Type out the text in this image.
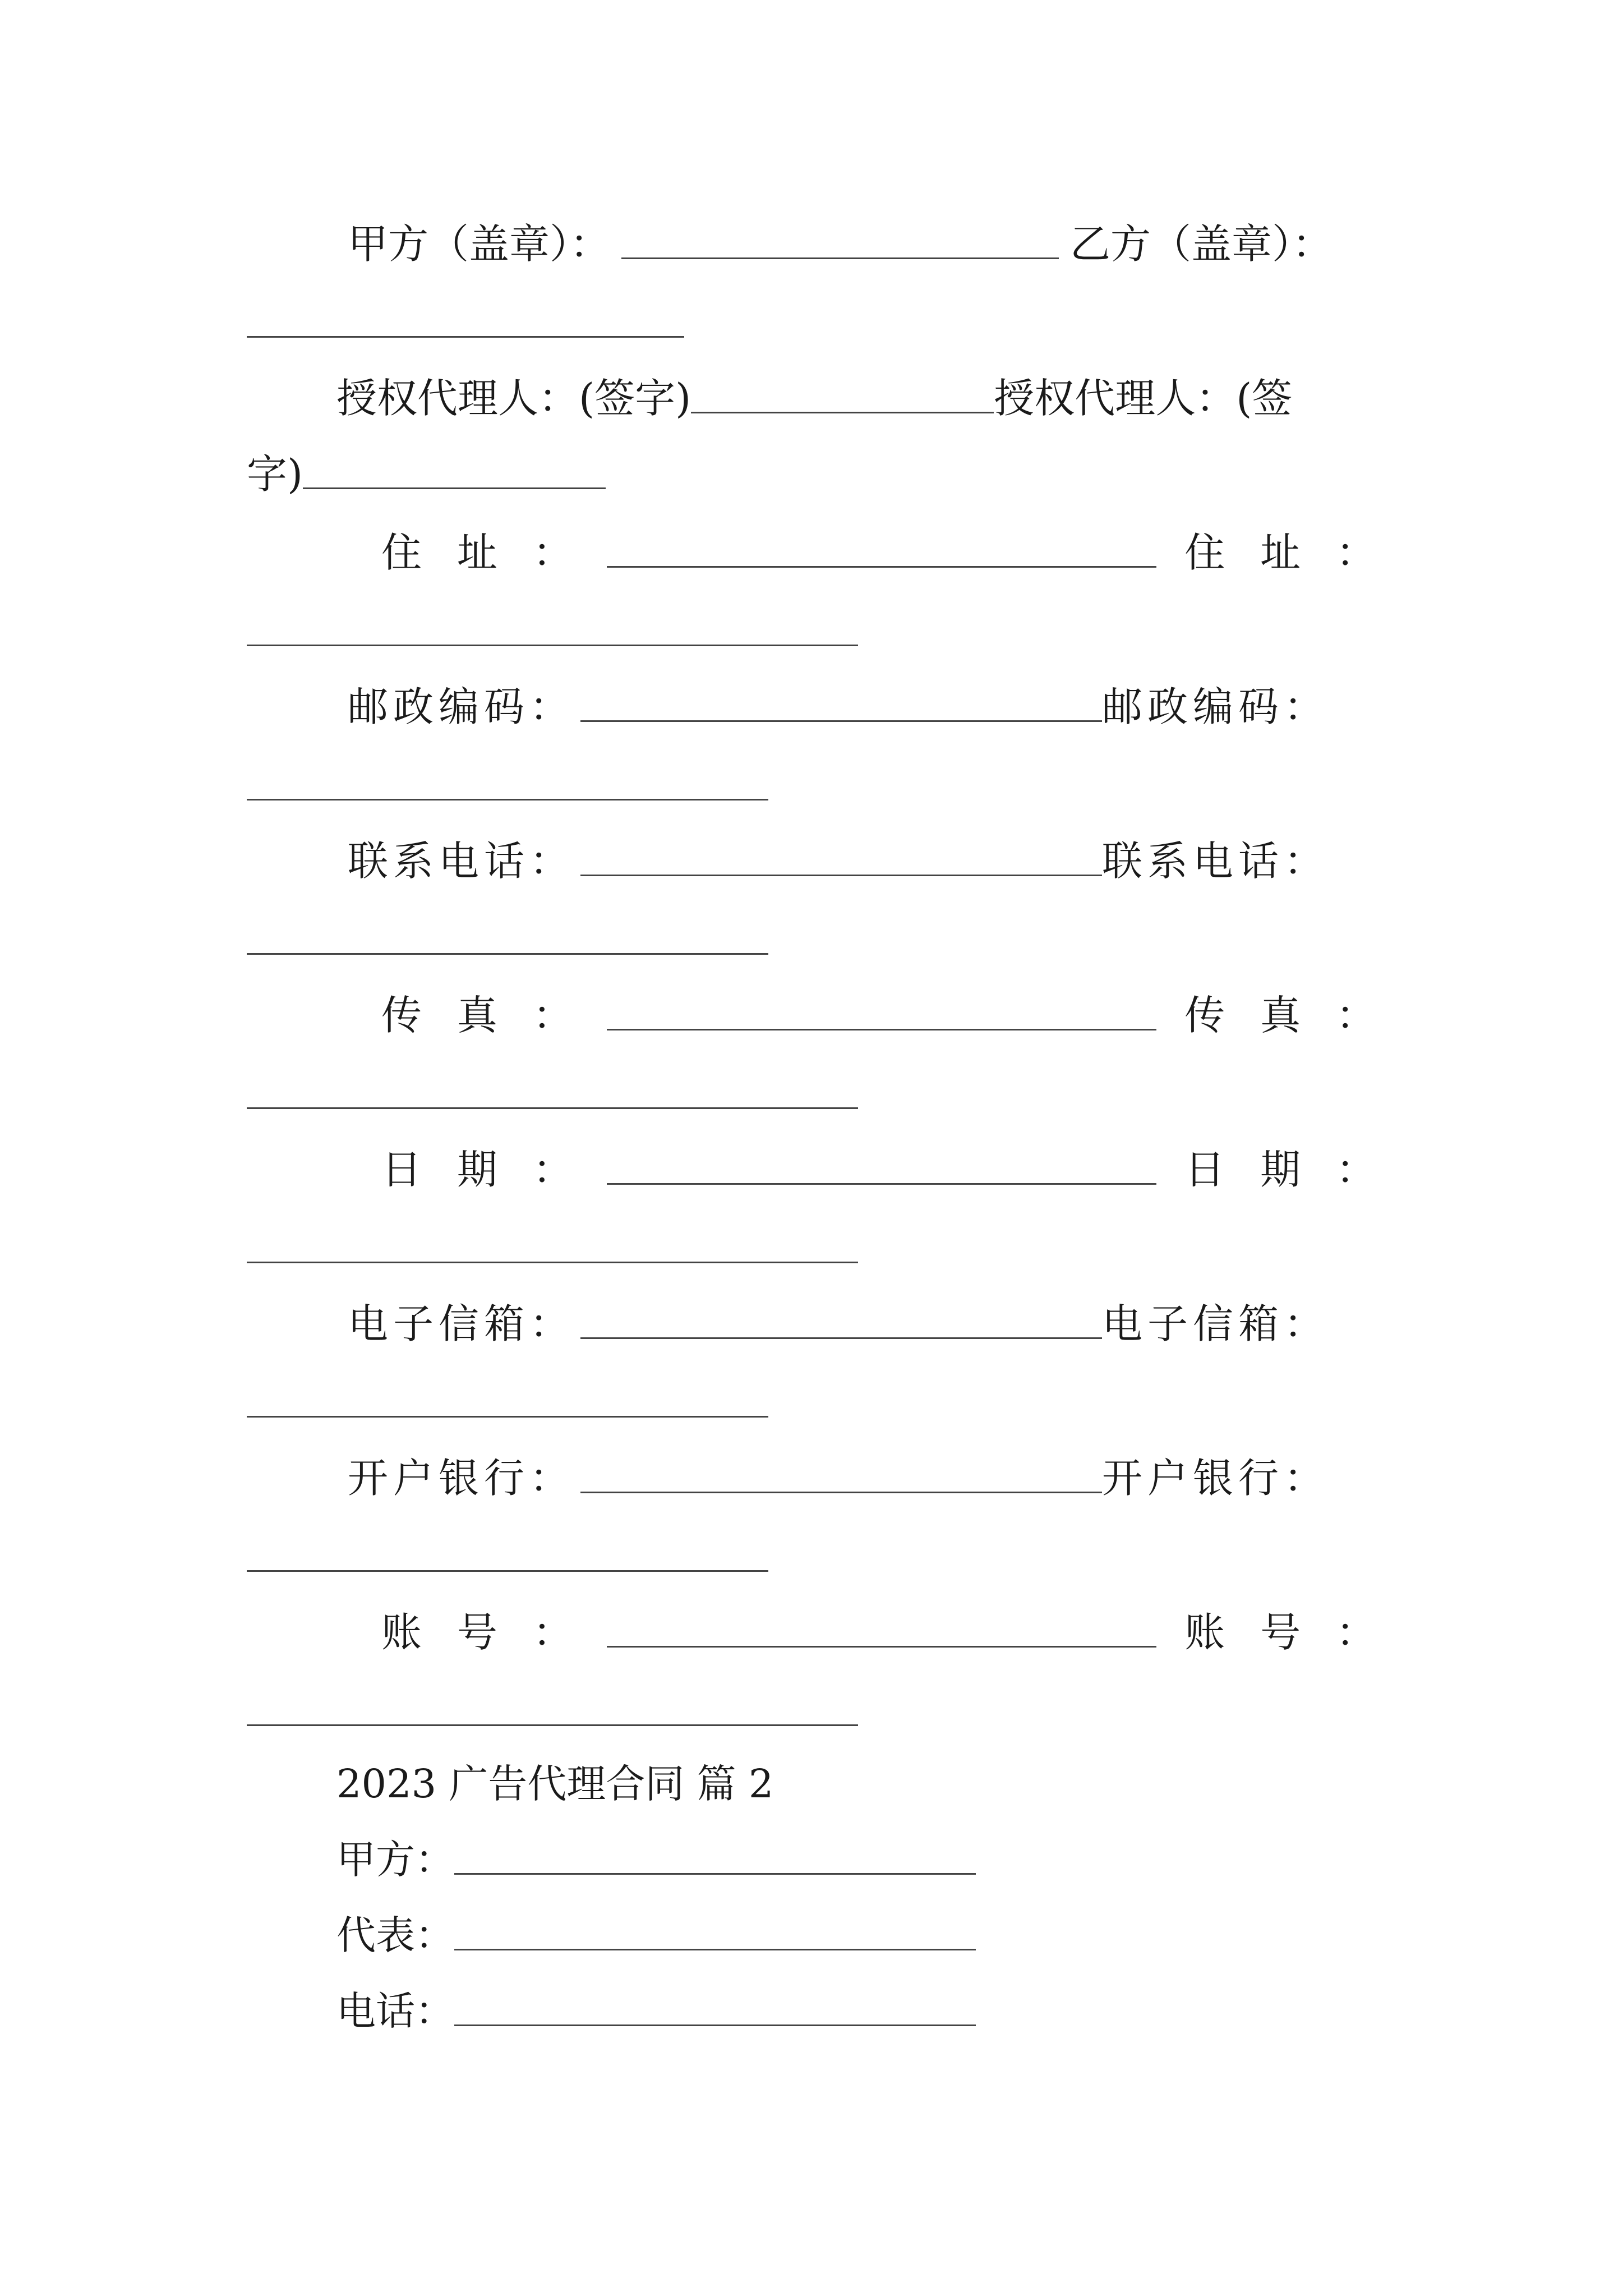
甲方（盖章）：	乙方（盖章）：
授权代理人：(签字)	授权代理人：(签
字)
住 址 ：	住 址 ：
邮政编码：	邮政编码：
联系电话：	联系电话：
传 真 ：	传 真 ：
日 期 ：	日 期 ：
电子信箱：	电子信箱：
开户银行：	开户银行：
账 号 ：	账 号 ：
2023 广告代理合同 篇 2
甲方：
代表：
电话：
